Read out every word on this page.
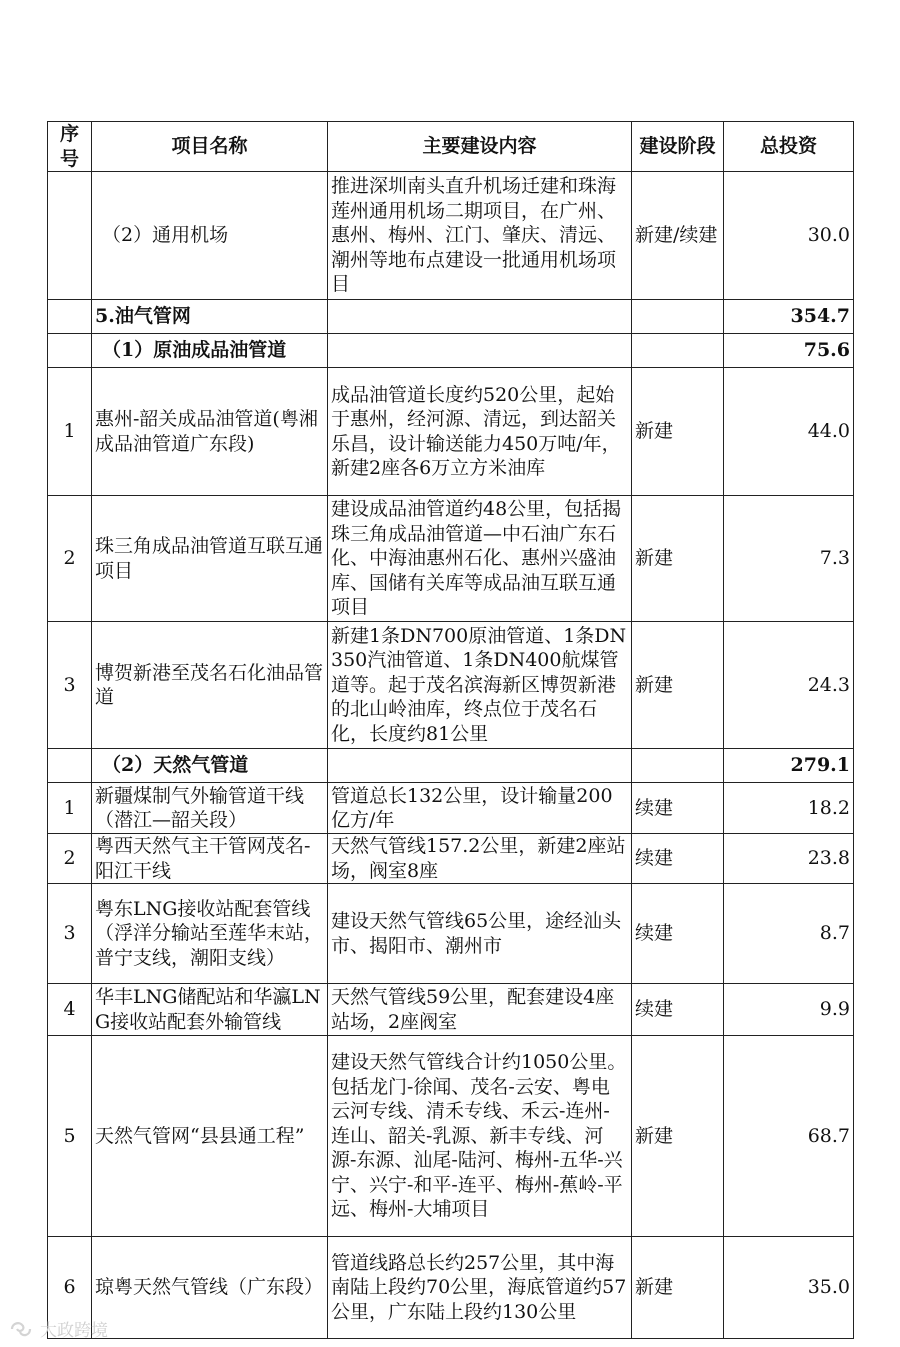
序号	项目名称	主要建设内容	建设阶段	总投资
	（2）通用机场	推进深圳南头直升机场迁建和珠海莲州通用机场二期项目，在广州、惠州、梅州、江门、肇庆、清远、潮州等地布点建设一批通用机场项目	新建/续建	30.0
	5.油气管网			354.7
	（1）原油成品油管道			75.6
1	惠州-韶关成品油管道(粤湘成品油管道广东段)	成品油管道长度约520公里，起始于惠州，经河源、清远，到达韶关乐昌，设计输送能力450万吨/年，新建2座各6万立方米油库	新建	44.0
2	珠三角成品油管道互联互通项目	建设成品油管道约48公里，包括揭珠三角成品油管道—中石油广东石化、中海油惠州石化、惠州兴盛油库、国储有关库等成品油互联互通项目	新建	7.3
3	博贺新港至茂名石化油品管道	新建1条DN700原油管道、1条DN350汽油管道、1条DN400航煤管道等。起于茂名滨海新区博贺新港的北山岭油库，终点位于茂名石化，长度约81公里	新建	24.3
	（2）天然气管道			279.1
1	新疆煤制气外输管道干线（潜江—韶关段）	管道总长132公里，设计输量200亿方/年	续建	18.2
2	粤西天然气主干管网茂名-阳江干线	天然气管线157.2公里，新建2座站场，阀室8座	续建	23.8
3	粤东LNG接收站配套管线（浮洋分输站至莲华末站，普宁支线，潮阳支线）	建设天然气管线65公里，途经汕头市、揭阳市、潮州市	续建	8.7
4	华丰LNG储配站和华瀛LNG接收站配套外输管线	天然气管线59公里，配套建设4座站场，2座阀室	续建	9.9
5	天然气管网“县县通工程”	建设天然气管线合计约1050公里。包括龙门-徐闻、茂名-云安、粤电云河专线、清禾专线、禾云-连州-连山、韶关-乳源、新丰专线、河源-东源、汕尾-陆河、梅州-五华-兴宁、兴宁-和平-连平、梅州-蕉岭-平远、梅州-大埔项目	新建	68.7
6	琼粤天然气管线（广东段）	管道线路总长约257公里，其中海南陆上段约70公里，海底管道约57公里，广东陆上段约130公里	新建	35.0
大政跨境
